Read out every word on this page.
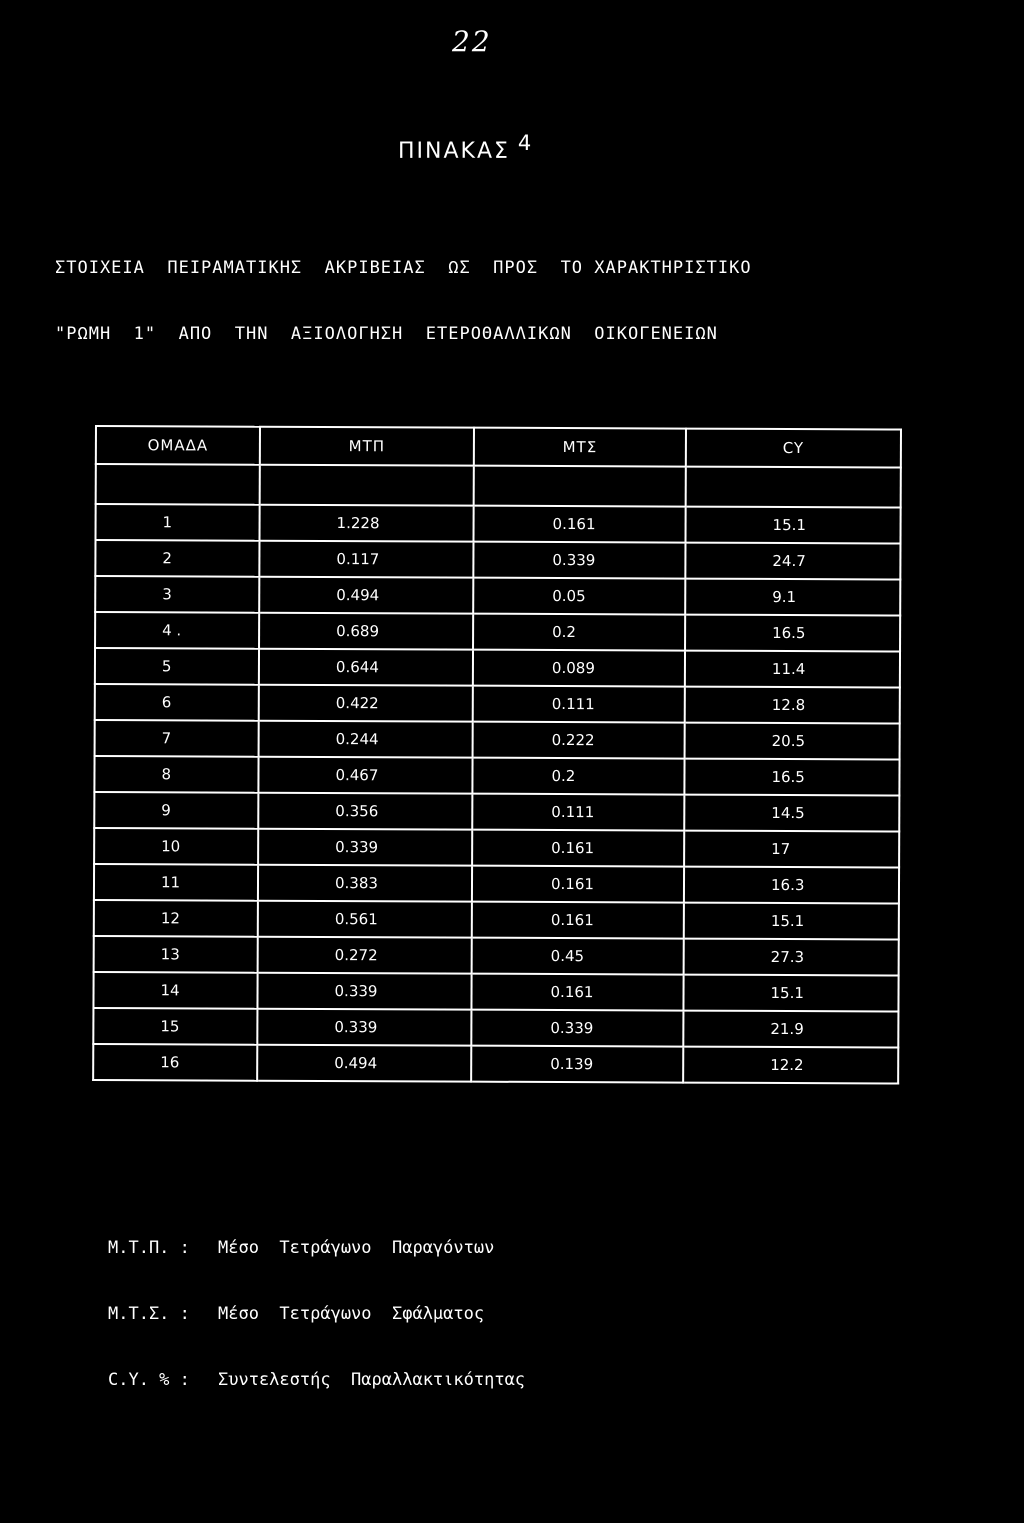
22
ΠΙΝΑΚΑΣ 4

ΣΤΟΙΧΕΙΑ  ΠΕΙΡΑΜΑΤΙΚΗΣ  ΑΚΡΙΒΕΙΑΣ  ΩΣ  ΠΡΟΣ  ΤΟ ΧΑΡΑΚΤΗΡΙΣΤΙΚΟ

"ΡΩΜΗ  1"  ΑΠΟ  ΤΗΝ  ΑΞΙΟΛΟΓΗΣΗ  ΕΤΕΡΟΘΑΛΛΙΚΩΝ  ΟΙΚΟΓΕΝΕΙΩΝ

ΟΜΑΔΑ	ΜΤΠ	ΜΤΣ	CY

1	1.228	0.161	15.1
2	0.117	0.339	24.7
3	0.494	0.05	9.1
4 .	0.689	0.2	16.5
5	0.644	0.089	11.4
6	0.422	0.111	12.8
7	0.244	0.222	20.5
8	0.467	0.2	16.5
9	0.356	0.111	14.5
10	0.339	0.161	17
11	0.383	0.161	16.3
12	0.561	0.161	15.1
13	0.272	0.45	27.3
14	0.339	0.161	15.1
15	0.339	0.339	21.9
16	0.494	0.139	12.2

Μ.Τ.Π. : Μέσο  Τετράγωνο  Παραγόντων

Μ.Τ.Σ. : Μέσο  Τετράγωνο  Σφάλματος

C.Y. % : Συντελεστής  Παραλλακτικότητας
